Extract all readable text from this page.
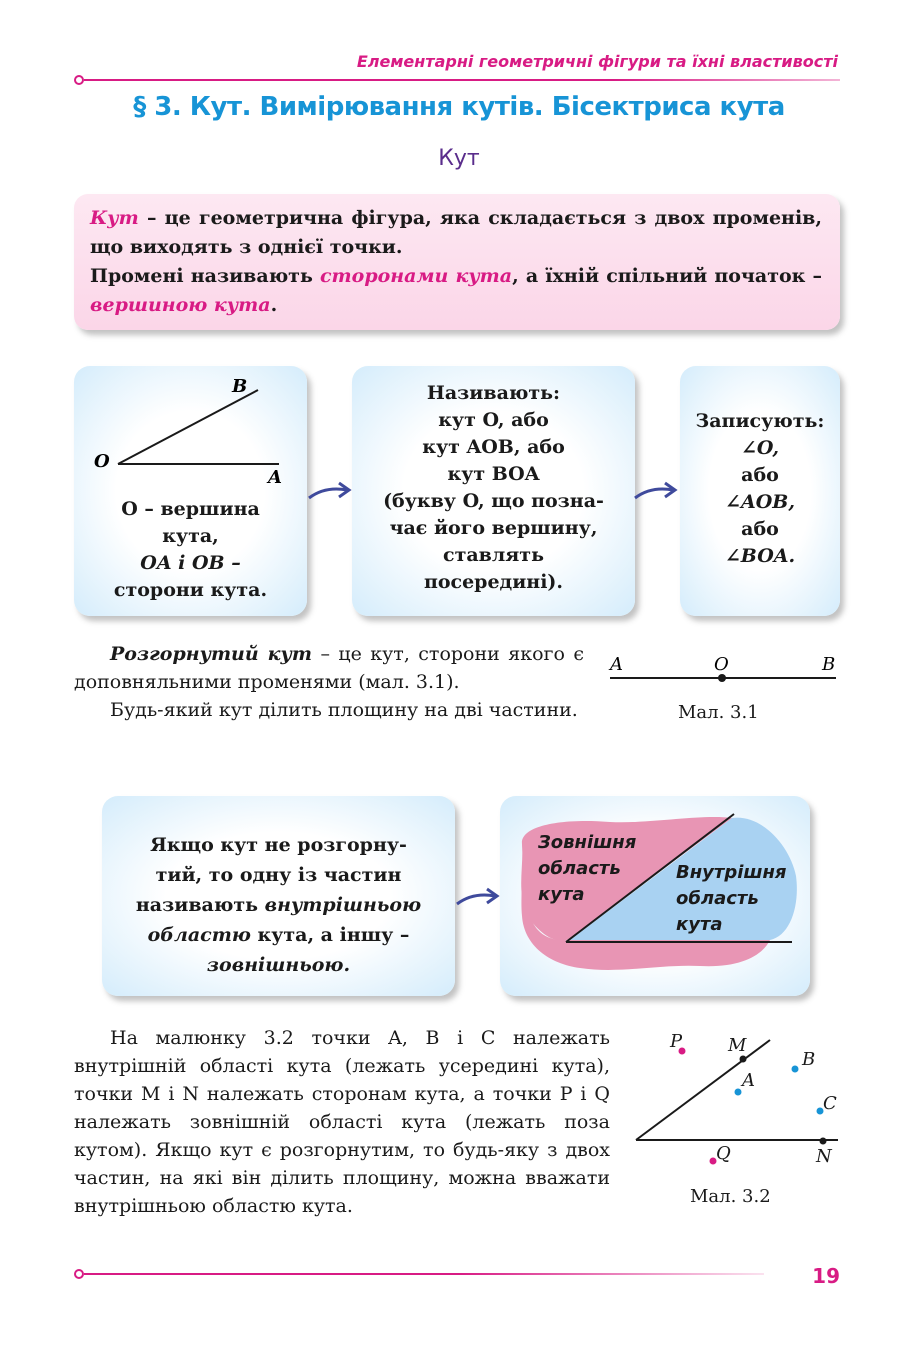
Елементарні геометричні фігури та їхні властивості
§ 3. Кут. Вимірювання кутів. Бісектриса кута
Кут
Кут – це геометрична фігура, яка складається з двох променів, що виходять з однієї точки.
Промені називають сторонами кута, а їхній спільний початок – вершиною кута.
O
A
B

O – вершина

кута,

OA і OB –

сторони кута.

Називають:

кут O, або

кут AOB, або

кут BOA

(букву O, що позна-

чає його вершину,

ставлять

посередині).

Записують:

∠O,

або

∠AOB,

або

∠BOA.

Розгорнутий кут – це кут, сторони якого є доповняльними променями (мал. 3.1).

Будь-який кут ділить площину на дві частини.

A	O	B
Мал. 3.1

Якщо кут не розгорну-

тий, то одну із частин

називають внутрішньою

областю кута, а іншу –

зовнішньою.

Зовнішня
область
кута
Внутрішня
область
кута

На малюнку 3.2 точки A, B і C належать внутрішній області кута (лежать усередині кута), точки M і N належать сторонам кута, а точки P і Q належать зовнішній області кута (лежать поза кутом). Якщо кут є розгорнутим, то будь-яку з двох частин, на які він ділить площину, можна вважати внутрішньою областю кута.

P	M
B
A
C
Q	N
Мал. 3.2
19
